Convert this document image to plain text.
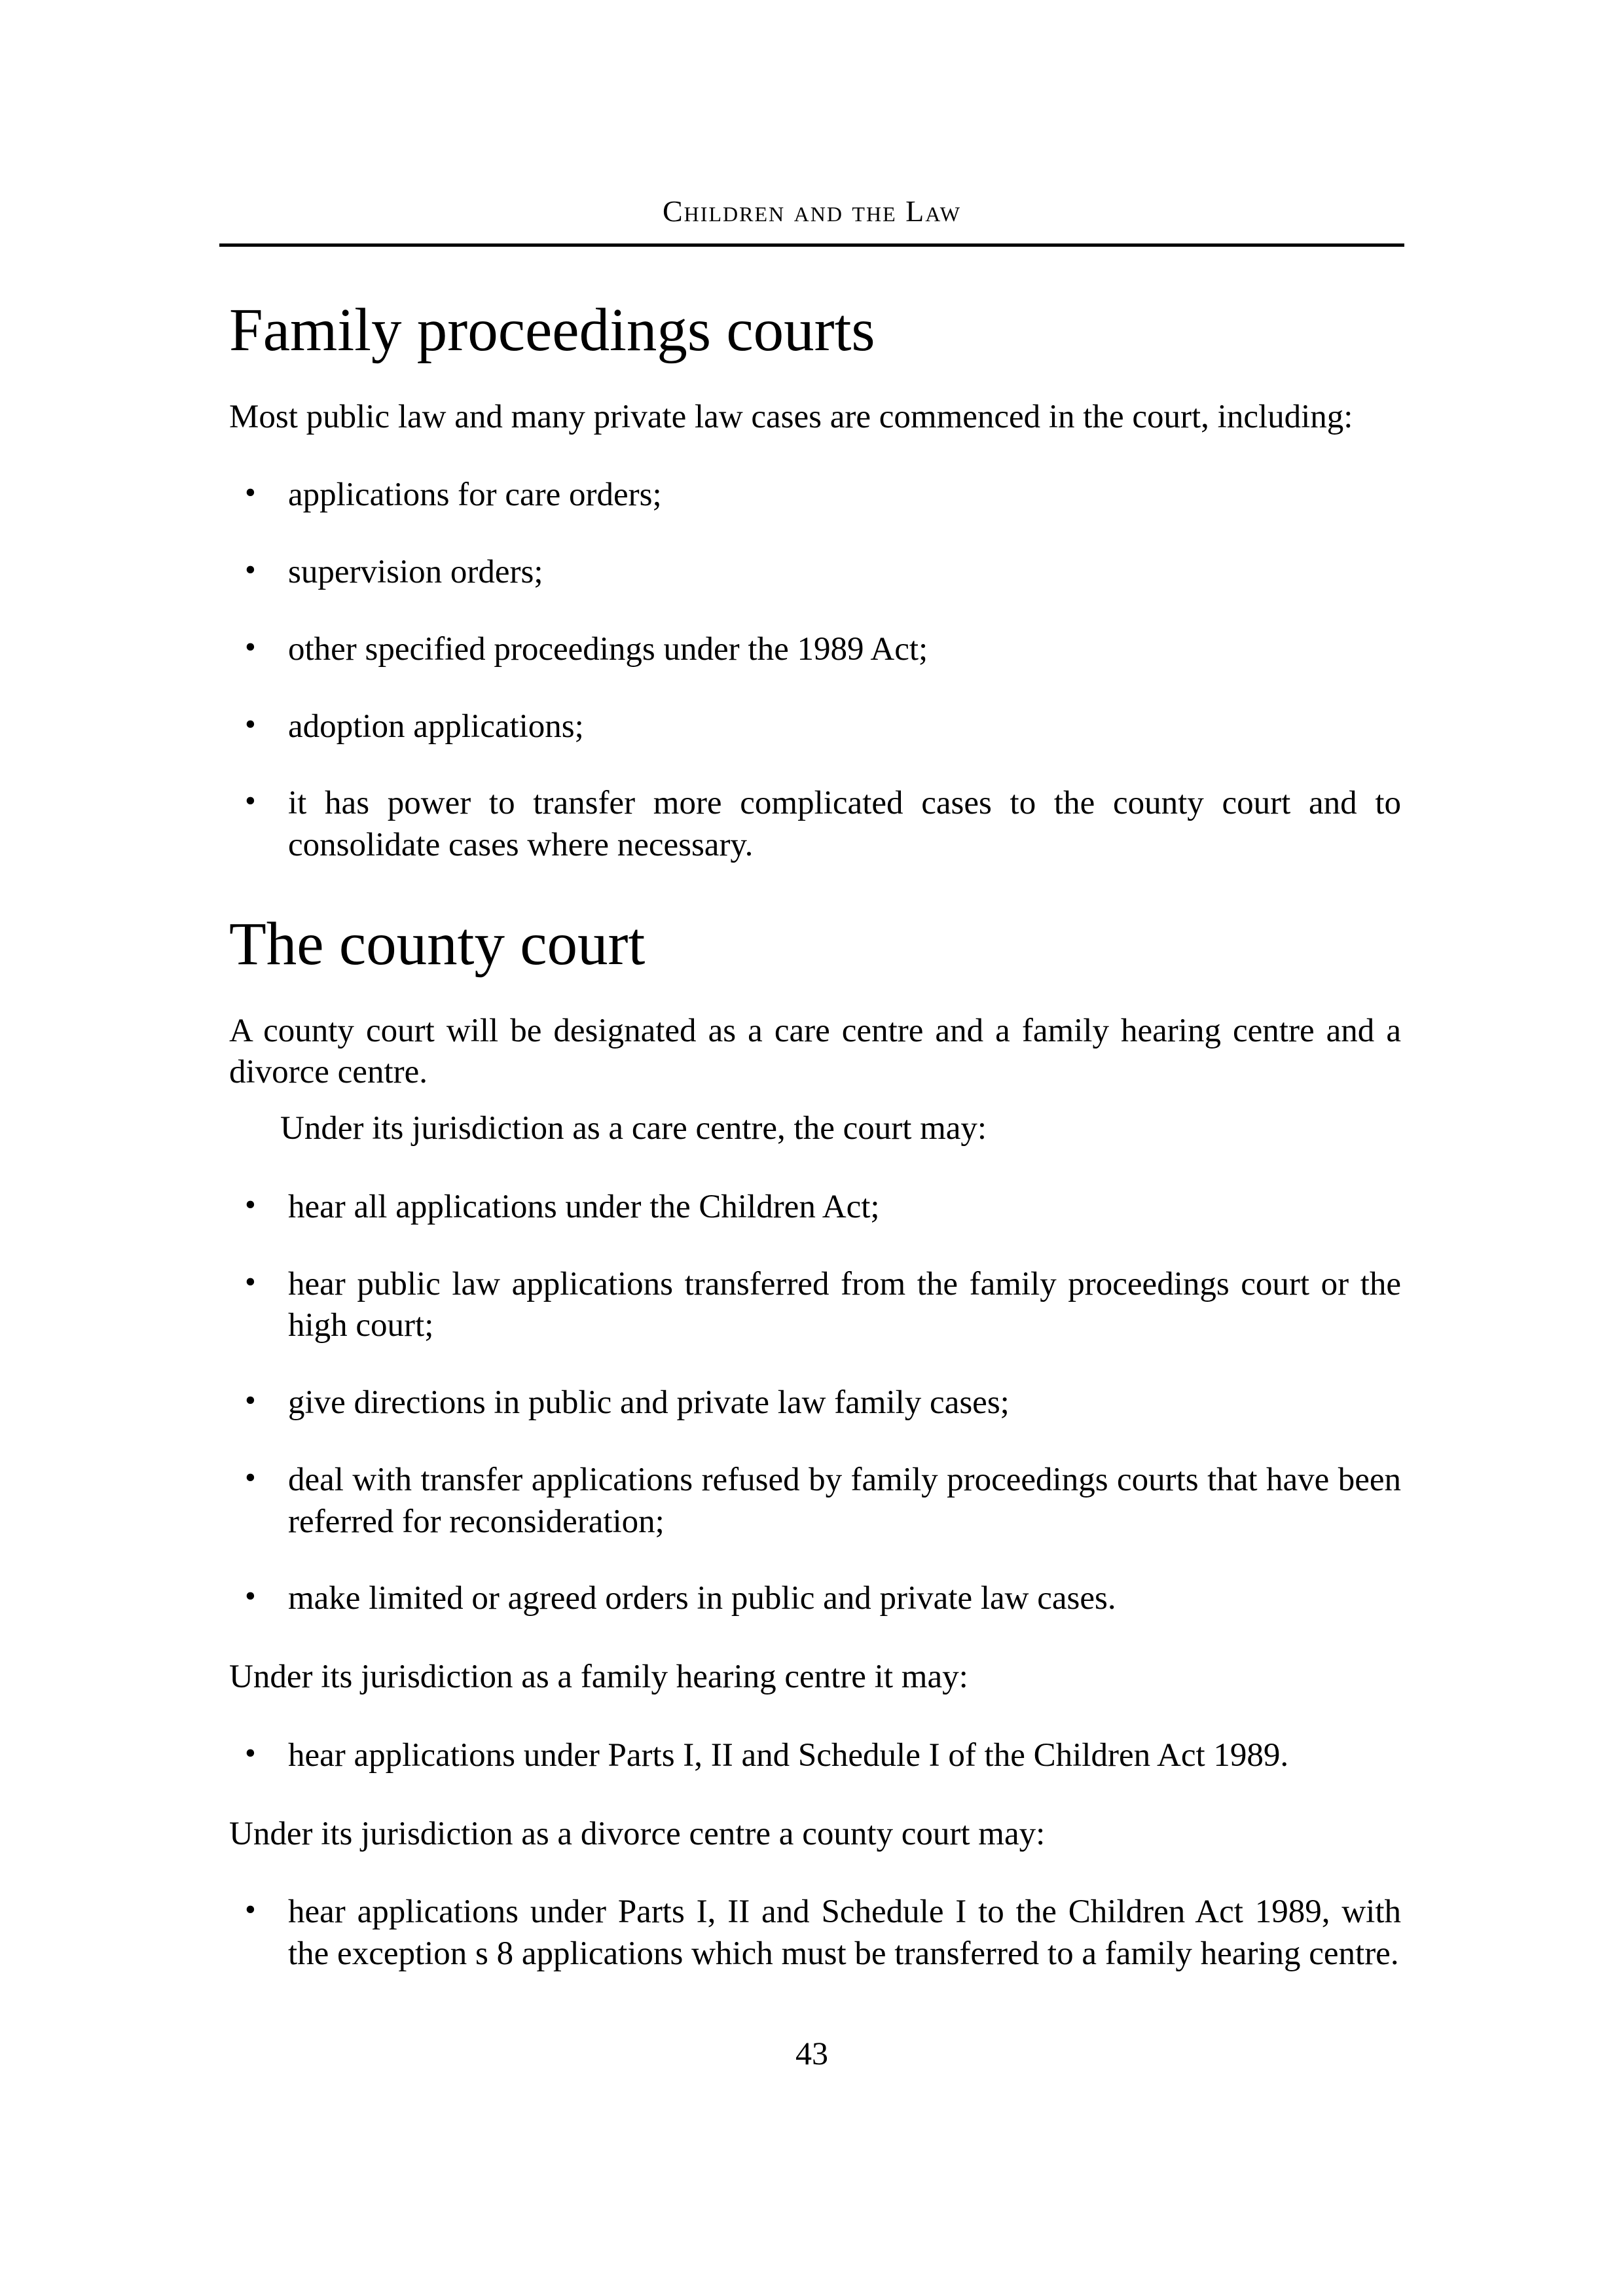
Children and the Law
Family proceedings courts

Most public law and many private law cases are commenced in the court, including:

• applications for care orders;
• supervision orders;
• other specified proceedings under the 1989 Act;
• adoption applications;
• it has power to transfer more complicated cases to the county court and to consolidate cases where necessary.
The county court

A county court will be designated as a care centre and a family hearing centre and a divorce centre.

Under its jurisdiction as a care centre, the court may:

• hear all applications under the Children Act;
• hear public law applications transferred from the family proceedings court or the high court;
• give directions in public and private law family cases;
• deal with transfer applications refused by family proceedings courts that have been referred for reconsideration;
• make limited or agreed orders in public and private law cases.

Under its jurisdiction as a family hearing centre it may:

• hear applications under Parts I, II and Schedule I of the Children Act 1989.

Under its jurisdiction as a divorce centre a county court may:

• hear applications under Parts I, II and Schedule I to the Children Act 1989, with the exception s 8 applications which must be transferred to a family hearing centre.
43
